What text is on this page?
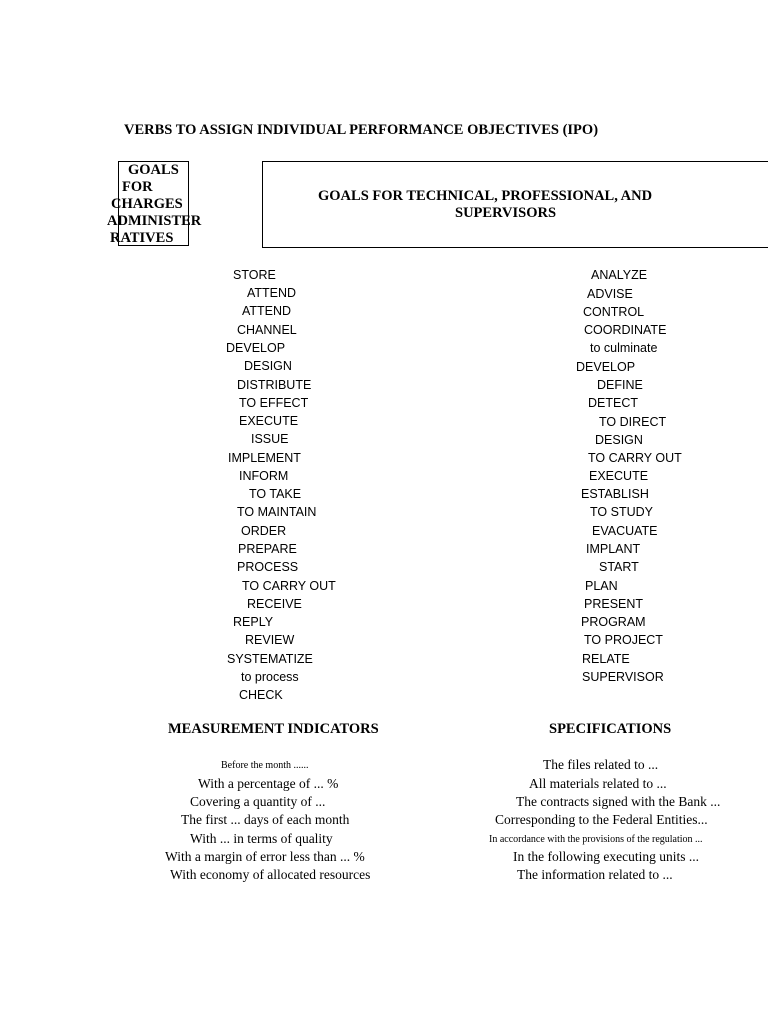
VERBS TO ASSIGN INDIVIDUAL PERFORMANCE OBJECTIVES (IPO)
GOALS
FOR
CHARGES
ADMINISTER
RATIVES
GOALS FOR TECHNICAL, PROFESSIONAL, AND
SUPERVISORS
STORE
ATTEND
ATTEND
CHANNEL
DEVELOP
DESIGN
DISTRIBUTE
TO EFFECT
EXECUTE
ISSUE
IMPLEMENT
INFORM
TO TAKE
TO MAINTAIN
ORDER
PREPARE
PROCESS
TO CARRY OUT
RECEIVE
REPLY
REVIEW
SYSTEMATIZE
to process
CHECK
ANALYZE
ADVISE
CONTROL
COORDINATE
to culminate
DEVELOP
DEFINE
DETECT
TO DIRECT
DESIGN
TO CARRY OUT
EXECUTE
ESTABLISH
TO STUDY
EVACUATE
IMPLANT
START
PLAN
PRESENT
PROGRAM
TO PROJECT
RELATE
SUPERVISOR
MEASUREMENT INDICATORS	SPECIFICATIONS
Before the month ......
With a percentage of ... %
Covering a quantity of ...
The first ... days of each month
With ... in terms of quality
With a margin of error less than ... %
With economy of allocated resources
The files related to ...
All materials related to ...
The contracts signed with the Bank ...
Corresponding to the Federal Entities...
In accordance with the provisions of the regulation ...
In the following executing units ...
The information related to ...
